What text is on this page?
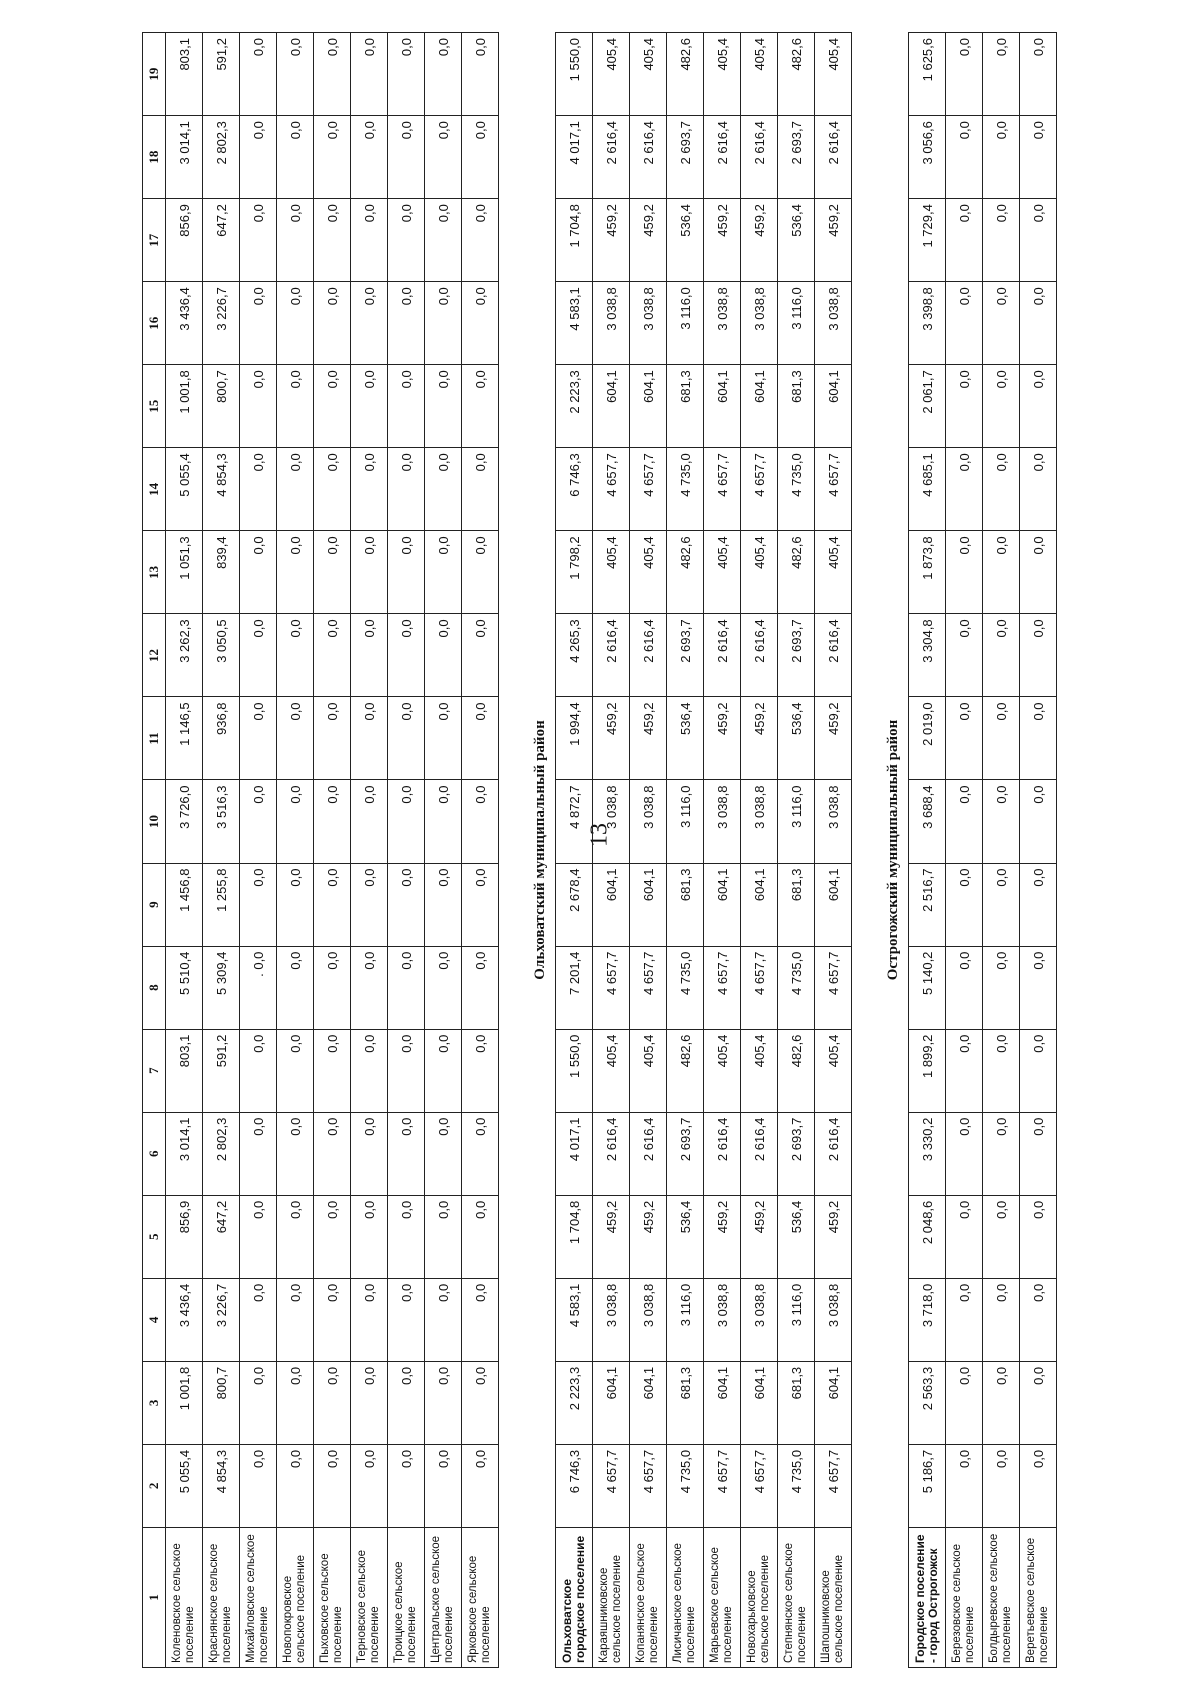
13
1	2	3	4	5	6	7	8	9	10	11	12	13	14	15	16	17	18	19
Коленовское сельское поселение	5 055,4	1 001,8	3 436,4	856,9	3 014,1	803,1	5 510,4	1 456,8	3 726,0	1 146,5	3 262,3	1 051,3	5 055,4	1 001,8	3 436,4	856,9	3 014,1	803,1
Краснянское сельское поселение	4 854,3	800,7	3 226,7	647,2	2 802,3	591,2	5 309,4	1 255,8	3 516,3	936,8	3 050,5	839,4	4 854,3	800,7	3 226,7	647,2	2 802,3	591,2
Михайловское сельское поселение	0,0	0,0	0,0	0,0	0,0	0,0	. 0,0	0,0	0,0	0,0	0,0	0,0	0,0	0,0	0,0	0,0	0,0	0,0
Новопокровское сельское поселение	0,0	0,0	0,0	0,0	0,0	0,0	0,0	0,0	0,0	0,0	0,0	0,0	0,0	0,0	0,0	0,0	0,0	0,0
Пыховское сельское поселение	0,0	0,0	0,0	0,0	0,0	0,0	0,0	0,0	0,0	0,0	0,0	0,0	0,0	0,0	0,0	0,0	0,0	0,0
Терновское сельское поселение	0,0	0,0	0,0	0,0	0,0	0,0	0,0	0,0	0,0	0,0	0,0	0,0	0,0	0,0	0,0	0,0	0,0	0,0
Троицкое сельское поселение	0,0	0,0	0,0	0,0	0,0	0,0	0,0	0,0	0,0	0,0	0,0	0,0	0,0	0,0	0,0	0,0	0,0	0,0
Центральское сельское поселение	0,0	0,0	0,0	0,0	0,0	0,0	0,0	0,0	0,0	0,0	0,0	0,0	0,0	0,0	0,0	0,0	0,0	0,0
Ярковское сельское поселение	0,0	0,0	0,0	0,0	0,0	0,0	0,0	0,0	0,0	0,0	0,0	0,0	0,0	0,0	0,0	0,0	0,0	0,0

Ольховатский муниципальный район																		
Ольховатское городское поселение	6 746,3	2 223,3	4 583,1	1 704,8	4 017,1	1 550,0	7 201,4	2 678,4	4 872,7	1 994,4	4 265,3	1 798,2	6 746,3	2 223,3	4 583,1	1 704,8	4 017,1	1 550,0
Караяшниковское сельское поселение	4 657,7	604,1	3 038,8	459,2	2 616,4	405,4	4 657,7	604,1	3 038,8	459,2	2 616,4	405,4	4 657,7	604,1	3 038,8	459,2	2 616,4	405,4
Копанянское сельское поселение	4 657,7	604,1	3 038,8	459,2	2 616,4	405,4	4 657,7	604,1	3 038,8	459,2	2 616,4	405,4	4 657,7	604,1	3 038,8	459,2	2 616,4	405,4
Лисичанское сельское поселение	4 735,0	681,3	3 116,0	536,4	2 693,7	482,6	4 735,0	681,3	3 116,0	536,4	2 693,7	482,6	4 735,0	681,3	3 116,0	536,4	2 693,7	482,6
Марьевское сельское поселение	4 657,7	604,1	3 038,8	459,2	2 616,4	405,4	4 657,7	604,1	3 038,8	459,2	2 616,4	405,4	4 657,7	604,1	3 038,8	459,2	2 616,4	405,4
Новохарьковское сельское поселение	4 657,7	604,1	3 038,8	459,2	2 616,4	405,4	4 657,7	604,1	3 038,8	459,2	2 616,4	405,4	4 657,7	604,1	3 038,8	459,2	2 616,4	405,4
Степнянское сельское поселение	4 735,0	681,3	3 116,0	536,4	2 693,7	482,6	4 735,0	681,3	3 116,0	536,4	2 693,7	482,6	4 735,0	681,3	3 116,0	536,4	2 693,7	482,6
Шапошниковское сельское поселение	4 657,7	604,1	3 038,8	459,2	2 616,4	405,4	4 657,7	604,1	3 038,8	459,2	2 616,4	405,4	4 657,7	604,1	3 038,8	459,2	2 616,4	405,4

Острогожский муниципальный район																		
Городское поселение - город Острогожск	5 186,7	2 563,3	3 718,0	2 048,6	3 330,2	1 899,2	5 140,2	2 516,7	3 688,4	2 019,0	3 304,8	1 873,8	4 685,1	2 061,7	3 398,8	1 729,4	3 056,6	1 625,6
Березовское сельское поселение	0,0	0,0	0,0	0,0	0,0	0,0	0,0	0,0	0,0	0,0	0,0	0,0	0,0	0,0	0,0	0,0	0,0	0,0
Болдыревское сельское поселение	0,0	0,0	0,0	0,0	0,0	0,0	0,0	0,0	0,0	0,0	0,0	0,0	0,0	0,0	0,0	0,0	0,0	0,0
Веретьевское сельское поселение	0,0	0,0	0,0	0,0	0,0	0,0	0,0	0,0	0,0	0,0	0,0	0,0	0,0	0,0	0,0	0,0	0,0	0,0
